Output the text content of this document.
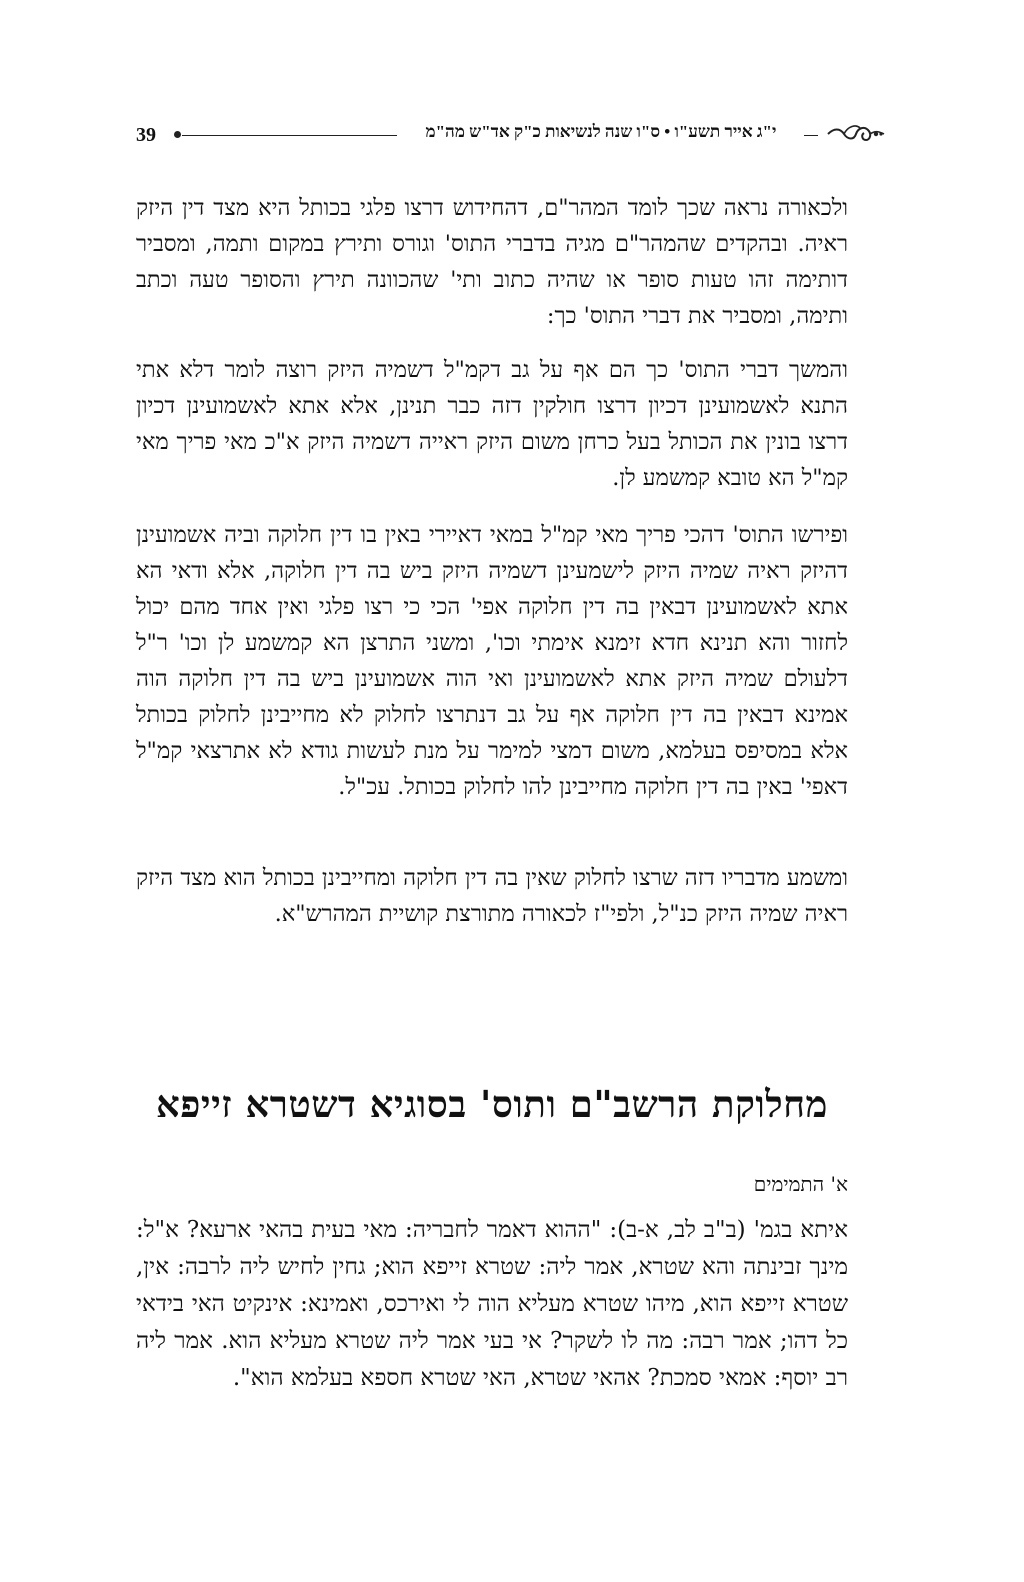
39	י"ג אייר תשע"ו • ס"ו שנה לנשיאות כ"ק אד"ש מה"מ

ולכאורה נראה שכך לומד המהר"ם, דהחידוש דרצו פלגי בכותל היא מצד דין היזק ראיה. ובהקדים שהמהר"ם מגיה בדברי התוס' וגורס ותירץ במקום ותמה, ומסביר דותימה זהו טעות סופר או שהיה כתוב ותי' שהכוונה תירץ והסופר טעה וכתב ותימה, ומסביר את דברי התוס' כך:

והמשך דברי התוס' כך הם אף על גב דקמ"ל דשמיה היזק רוצה לומר דלא אתי התנא לאשמועינן דכיון דרצו חולקין דזה כבר תנינן, אלא אתא לאשמועינן דכיון דרצו בונין את הכותל בעל כרחן משום היזק ראייה דשמיה היזק א"כ מאי פריך מאי קמ"ל הא טובא קמשמע לן.

ופירשו התוס' דהכי פריך מאי קמ"ל במאי דאיירי באין בו דין חלוקה וביה אשמועינן דהיזק ראיה שמיה היזק לישמעינן דשמיה היזק ביש בה דין חלוקה, אלא ודאי הא אתא לאשמועינן דבאין בה דין חלוקה אפי' הכי כי רצו פלגי ואין אחד מהם יכול לחזור והא תנינא חדא זימנא אימתי וכו', ומשני התרצן הא קמשמע לן וכו' ר"ל דלעולם שמיה היזק אתא לאשמועינן ואי הוה אשמועינן ביש בה דין חלוקה הוה אמינא דבאין בה דין חלוקה אף על גב דנתרצו לחלוק לא מחייבינן לחלוק בכותל אלא במסיפס בעלמא, משום דמצי למימר על מנת לעשות גודא לא אתרצאי קמ"ל דאפי' באין בה דין חלוקה מחייבינן להו לחלוק בכותל. עכ"ל.

ומשמע מדבריו דזה שרצו לחלוק שאין בה דין חלוקה ומחייבינן בכותל הוא מצד היזק ראיה שמיה היזק כנ"ל, ולפי"ז לכאורה מתורצת קושיית המהרש"א.

מחלוקת הרשב"ם ותוס' בסוגיא דשטרא זייפא
א' התמימים
איתא בגמ' (ב"ב לב, א-ב): "ההוא דאמר לחבריה: מאי בעית בהאי ארעא? א"ל: מינך זבינתה והא שטרא, אמר ליה: שטרא זייפא הוא; גחין לחיש ליה לרבה: אין, שטרא זייפא הוא, מיהו שטרא מעליא הוה לי ואירכס, ואמינא: אינקיט האי בידאי כל דהו; אמר רבה: מה לו לשקר? אי בעי אמר ליה שטרא מעליא הוא. אמר ליה רב יוסף: אמאי סמכת? אהאי שטרא, האי שטרא חספא בעלמא הוא".
